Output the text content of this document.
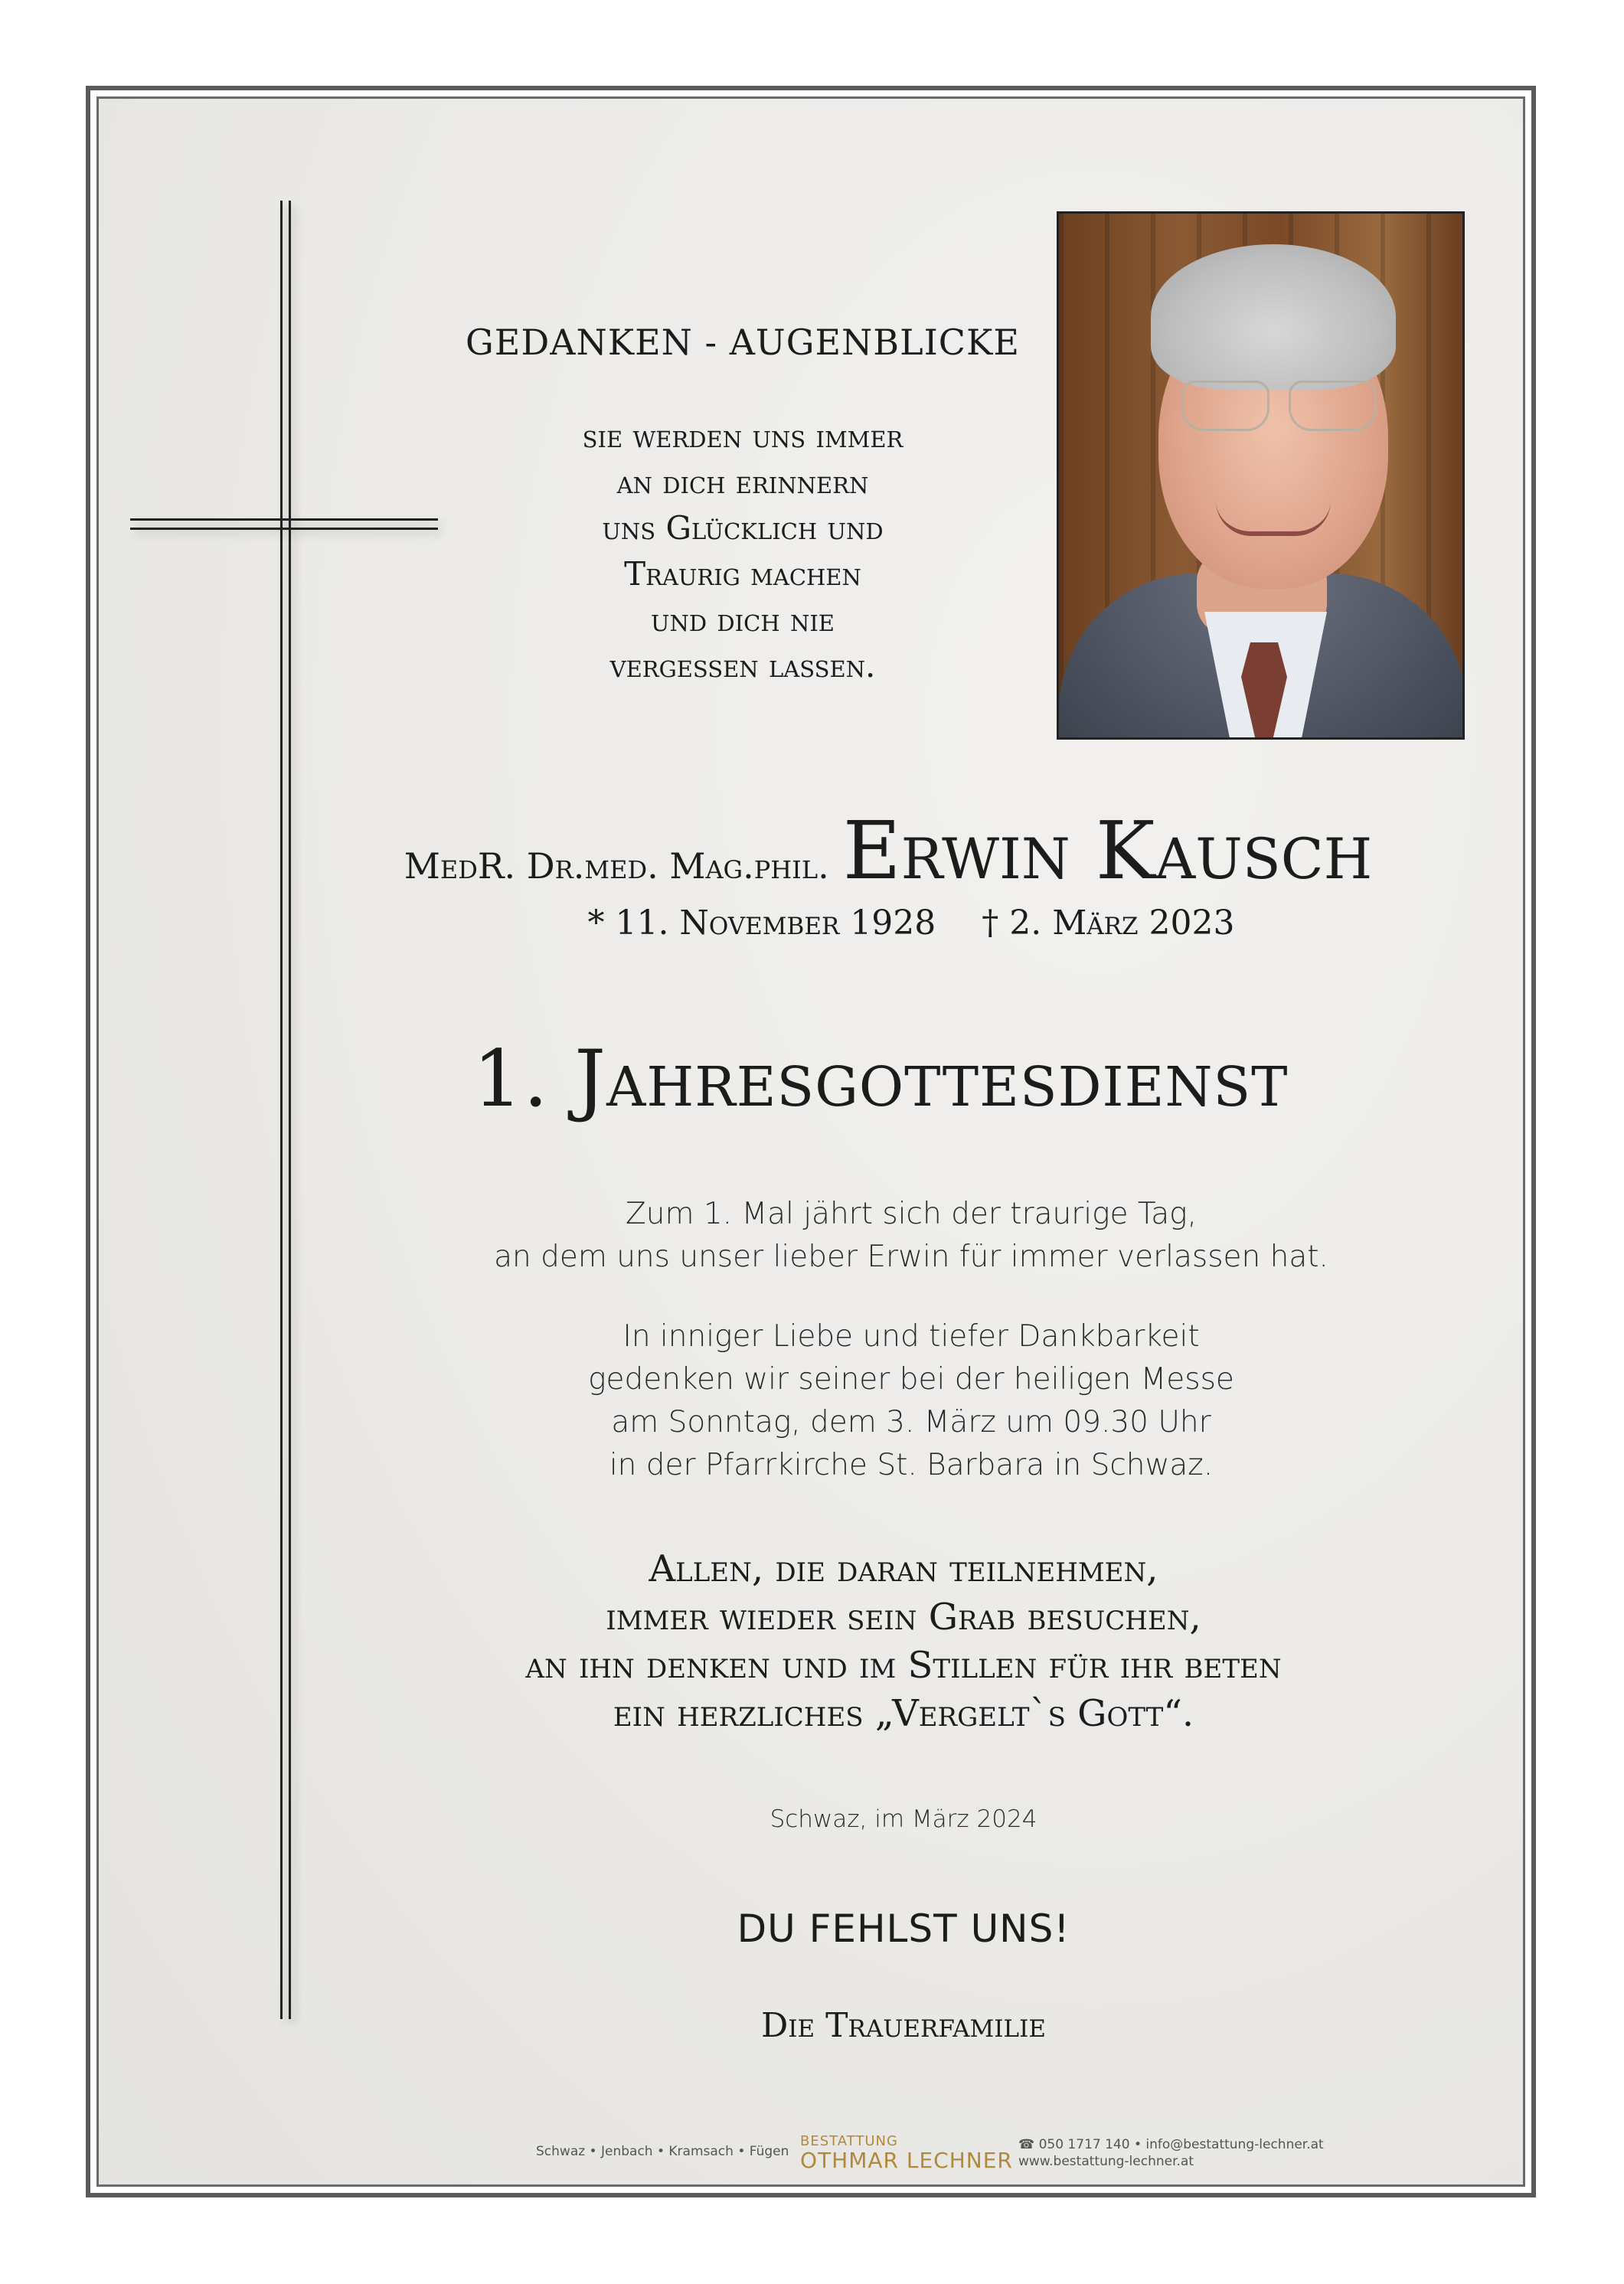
GEDANKEN - AUGENBLICKE
sie werden uns immer
an dich erinnern
uns Glücklich und
Traurig machen
und dich nie
vergessen lassen.
MedR. Dr.med. Mag.phil. Erwin Kausch
* 11. November 1928 † 2. März 2023
1. Jahresgottesdienst
Zum 1. Mal jährt sich der traurige Tag,
an dem uns unser lieber Erwin für immer verlassen hat.
In inniger Liebe und tiefer Dankbarkeit
gedenken wir seiner bei der heiligen Messe
am Sonntag, dem 3. März um 09.30 Uhr
in der Pfarrkirche St. Barbara in Schwaz.
Allen, die daran teilnehmen,
immer wieder sein Grab besuchen,
an ihn denken und im Stillen für ihr beten
ein herzliches „Vergelt`s Gott“.
Schwaz, im März 2024
DU FEHLST UNS!
Die Trauerfamilie
Schwaz • Jenbach • Kramsach • Fügen
BESTATTUNG
OTHMAR LECHNER
☎ 050 1717 140 • info@bestattung-lechner.at
www.bestattung-lechner.at
